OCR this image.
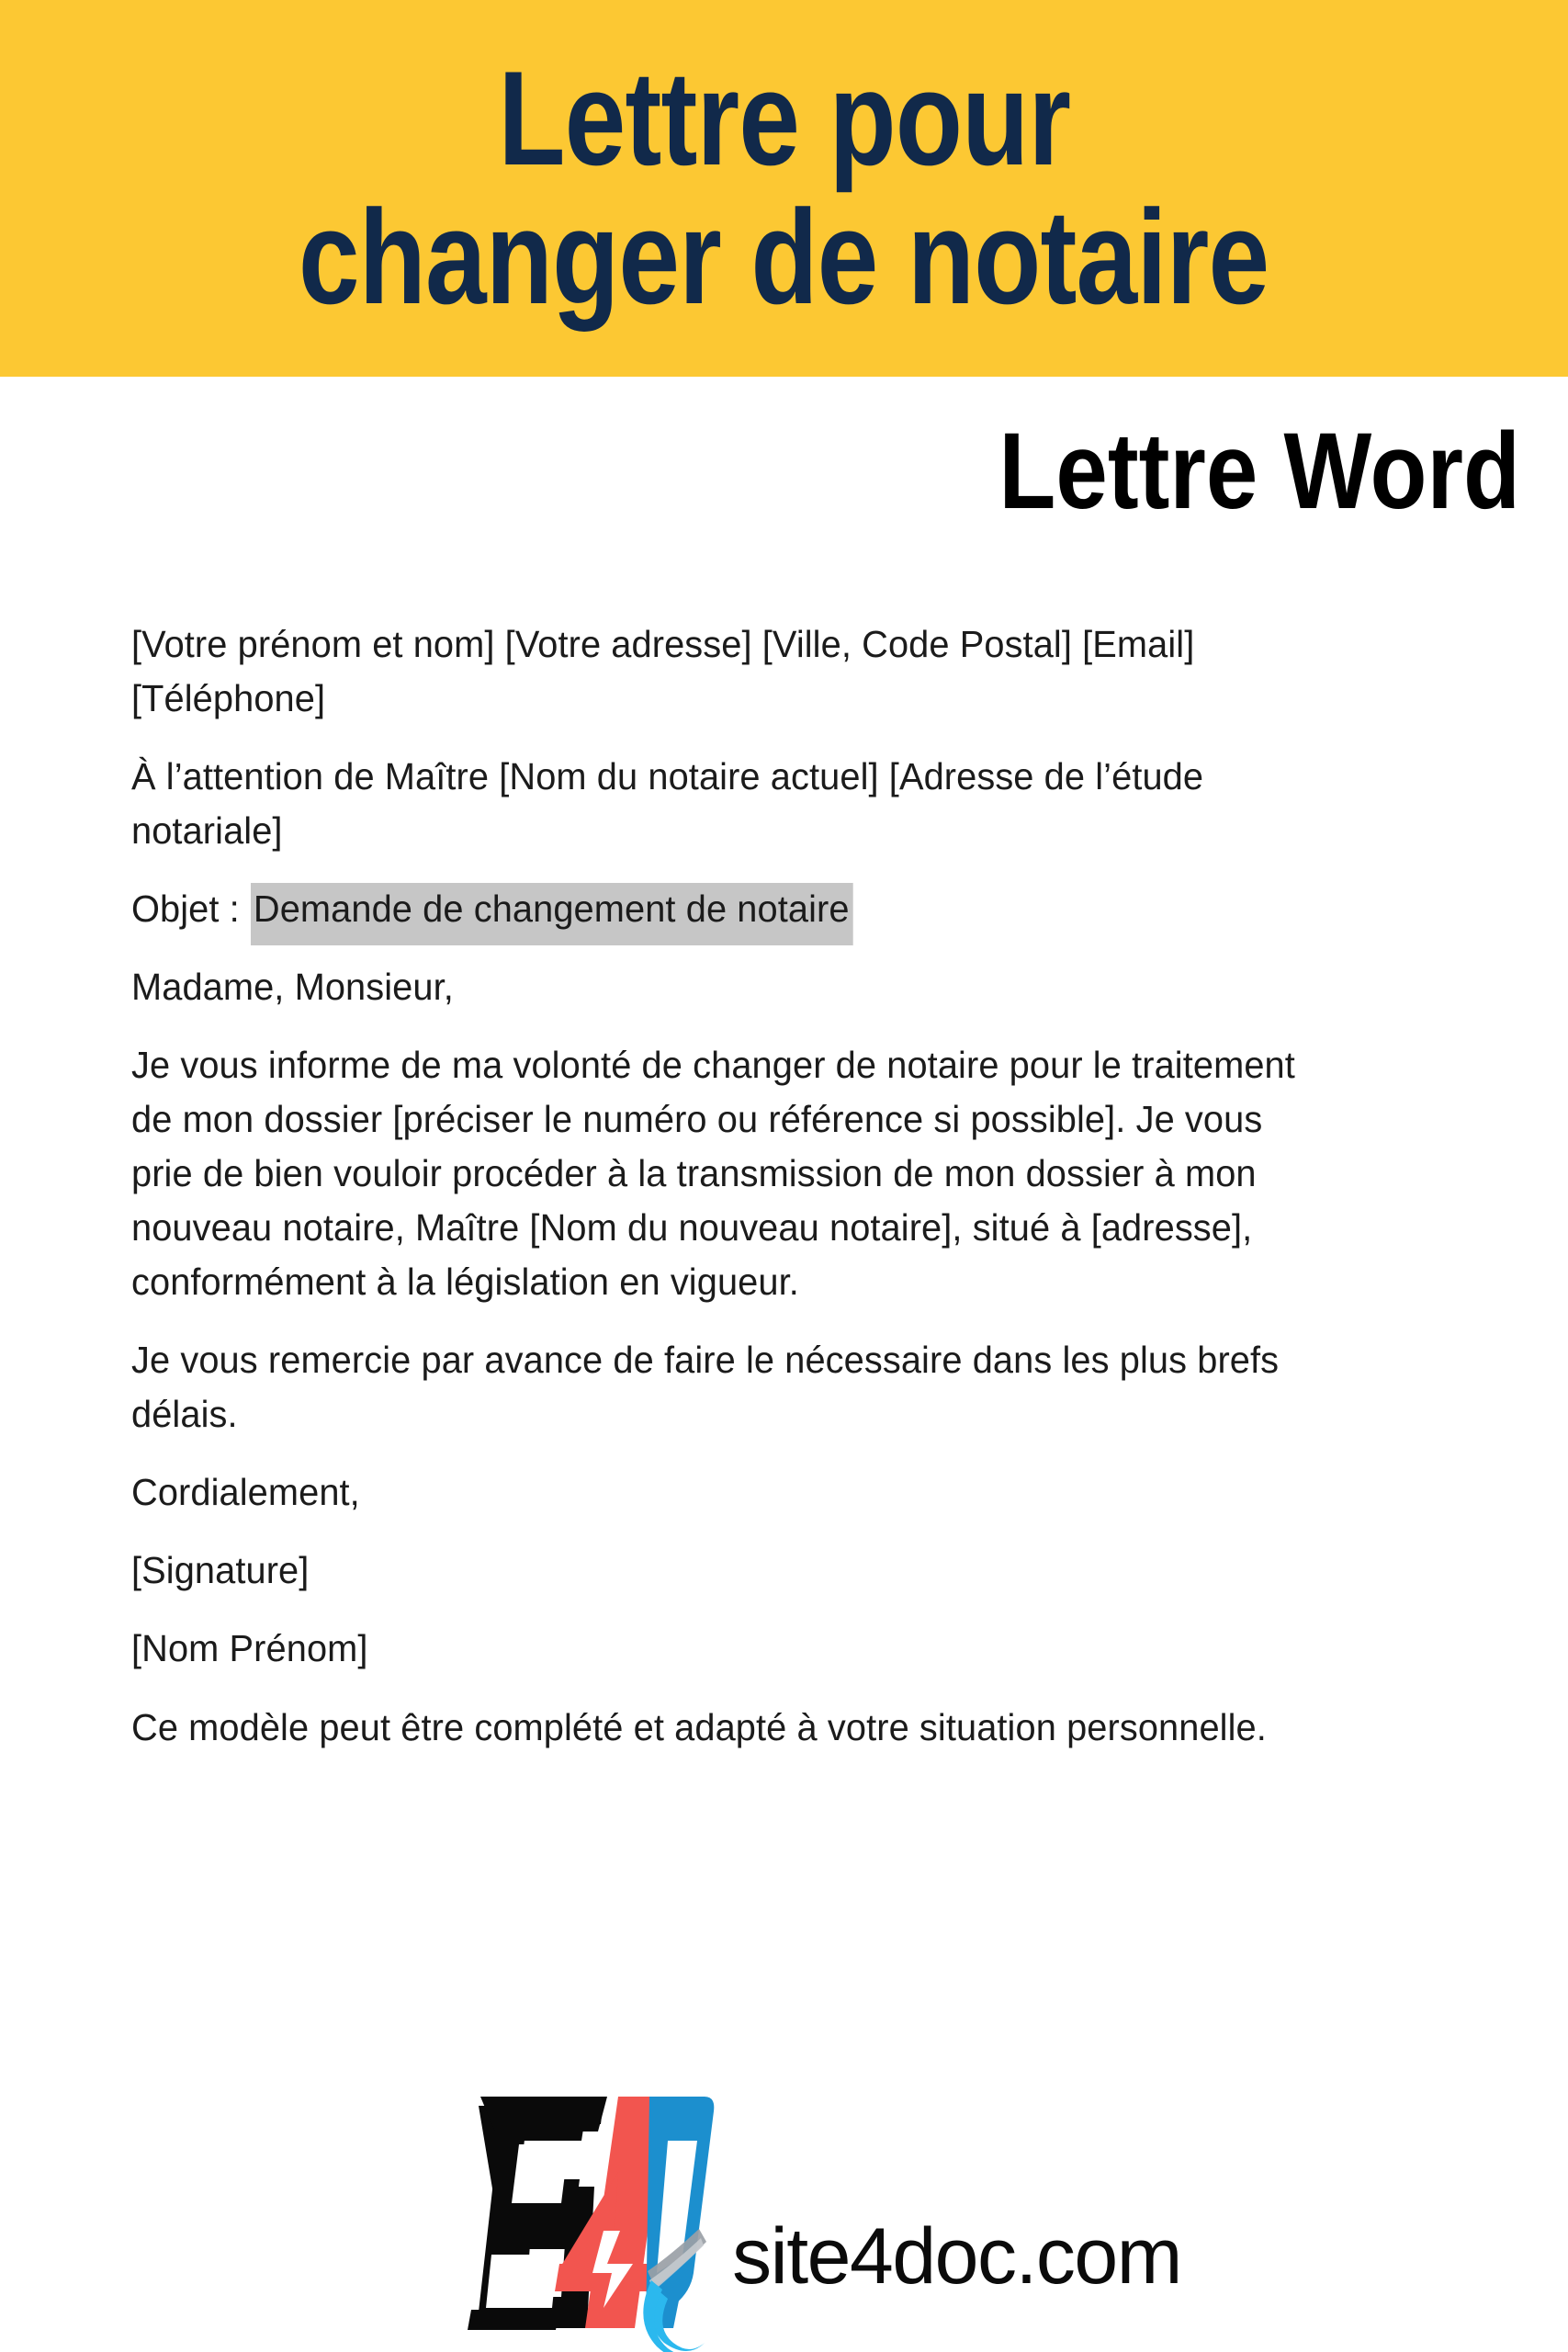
Lettre pour
changer de notaire
Lettre Word

[Votre prénom et nom] [Votre adresse] [Ville, Code Postal] [Email] [Téléphone]

À l’attention de Maître [Nom du notaire actuel] [Adresse de l’étude notariale]

Objet : Demande de changement de notaire

Madame, Monsieur,

Je vous informe de ma volonté de changer de notaire pour le traitement de mon dossier [préciser le numéro ou référence si possible]. Je vous prie de bien vouloir procéder à la transmission de mon dossier à mon nouveau notaire, Maître [Nom du nouveau notaire], situé à [adresse], conformément à la législation en vigueur.

Je vous remercie par avance de faire le nécessaire dans les plus brefs délais.

Cordialement,

[Signature]

[Nom Prénom]

Ce modèle peut être complété et adapté à votre situation personnelle.

site4doc.com
